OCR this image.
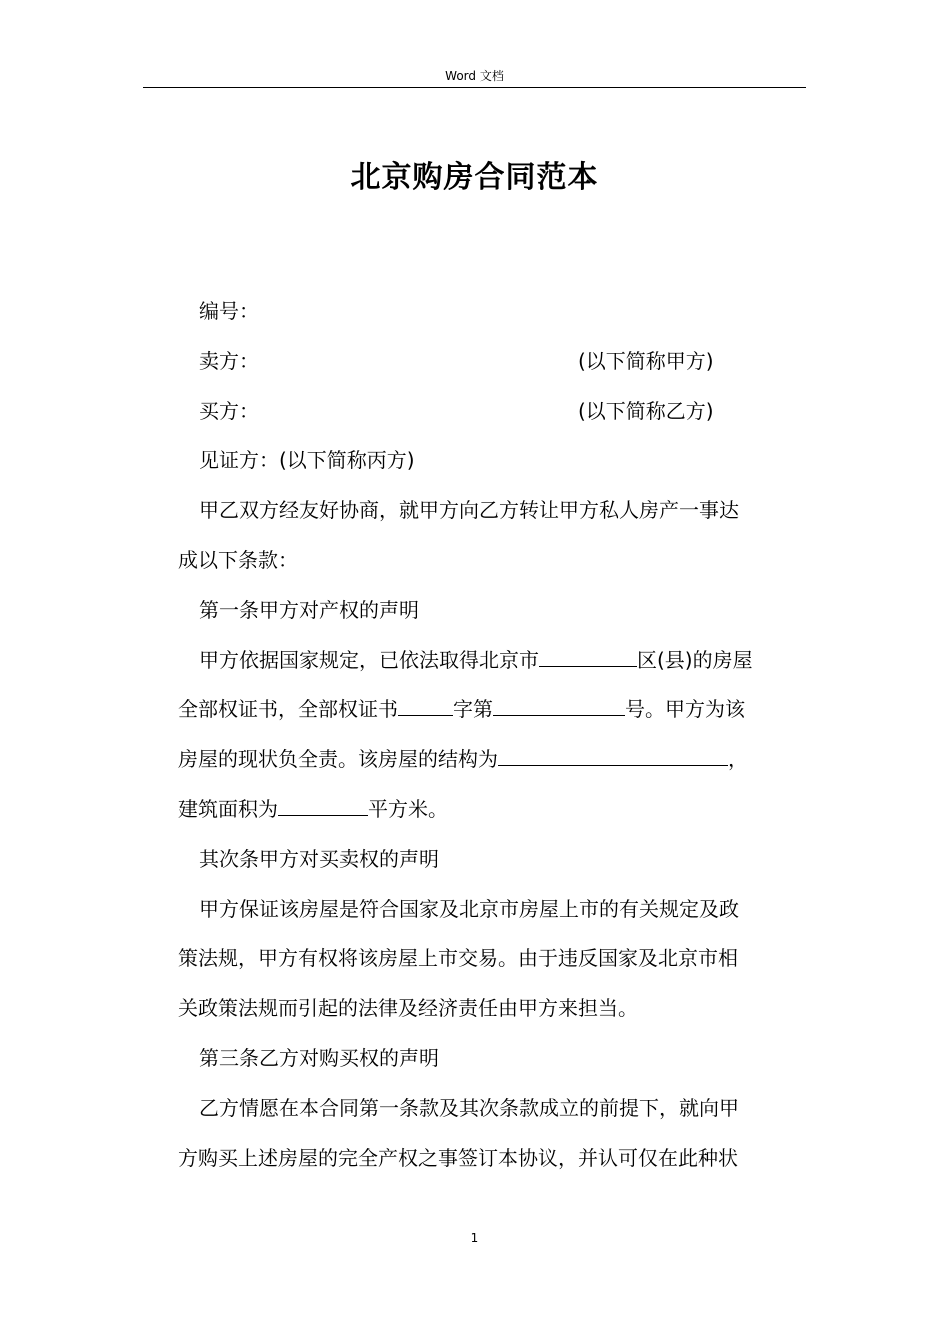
Word 文档
北京购房合同范本

编号：

卖方：	(以下简称甲方)

买方：	(以下简称乙方)

见证方：(以下简称丙方)

甲乙双方经友好协商，就甲方向乙方转让甲方私人房产一事达

成以下条款：

第一条甲方对产权的声明

甲方依据国家规定，已依法取得北京市	区(县)的房屋

全部权证书，全部权证书	字第	号。甲方为该

房屋的现状负全责。该房屋的结构为	，

建筑面积为	平方米。

其次条甲方对买卖权的声明

甲方保证该房屋是符合国家及北京市房屋上市的有关规定及政

策法规，甲方有权将该房屋上市交易。由于违反国家及北京市相

关政策法规而引起的法律及经济责任由甲方来担当。

第三条乙方对购买权的声明

乙方情愿在本合同第一条款及其次条款成立的前提下，就向甲

方购买上述房屋的完全产权之事签订本协议，并认可仅在此种状

1
